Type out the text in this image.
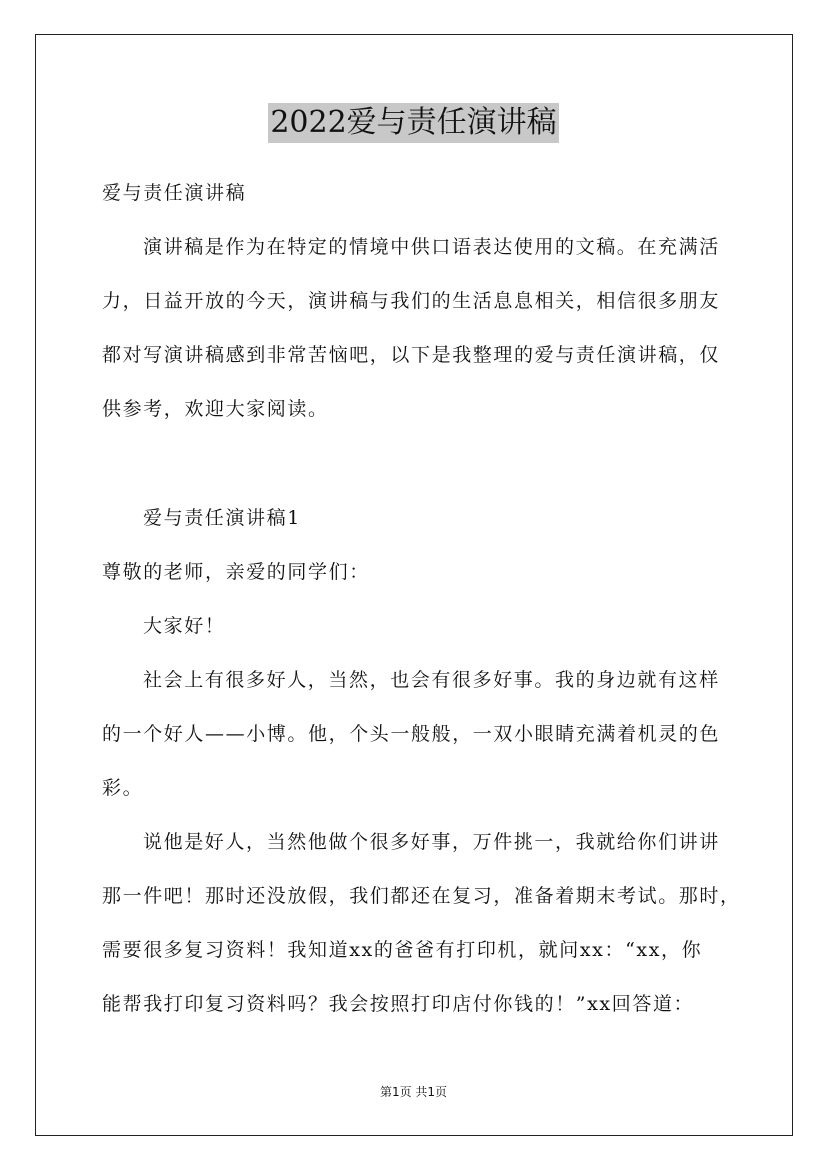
2022爱与责任演讲稿
爱与责任演讲稿
演讲稿是作为在特定的情境中供口语表达使用的文稿。在充满活
力，日益开放的今天，演讲稿与我们的生活息息相关，相信很多朋友
都对写演讲稿感到非常苦恼吧，以下是我整理的爱与责任演讲稿，仅
供参考，欢迎大家阅读。
爱与责任演讲稿1
尊敬的老师，亲爱的同学们：
大家好！
社会上有很多好人，当然，也会有很多好事。我的身边就有这样
的一个好人——小博。他，个头一般般，一双小眼睛充满着机灵的色
彩。
说他是好人，当然他做个很多好事，万件挑一，我就给你们讲讲
那一件吧！那时还没放假，我们都还在复习，准备着期末考试。那时，
需要很多复习资料！我知道xx的爸爸有打印机，就问xx：“xx，你
能帮我打印复习资料吗？我会按照打印店付你钱的！”xx回答道：
第1页 共1页
